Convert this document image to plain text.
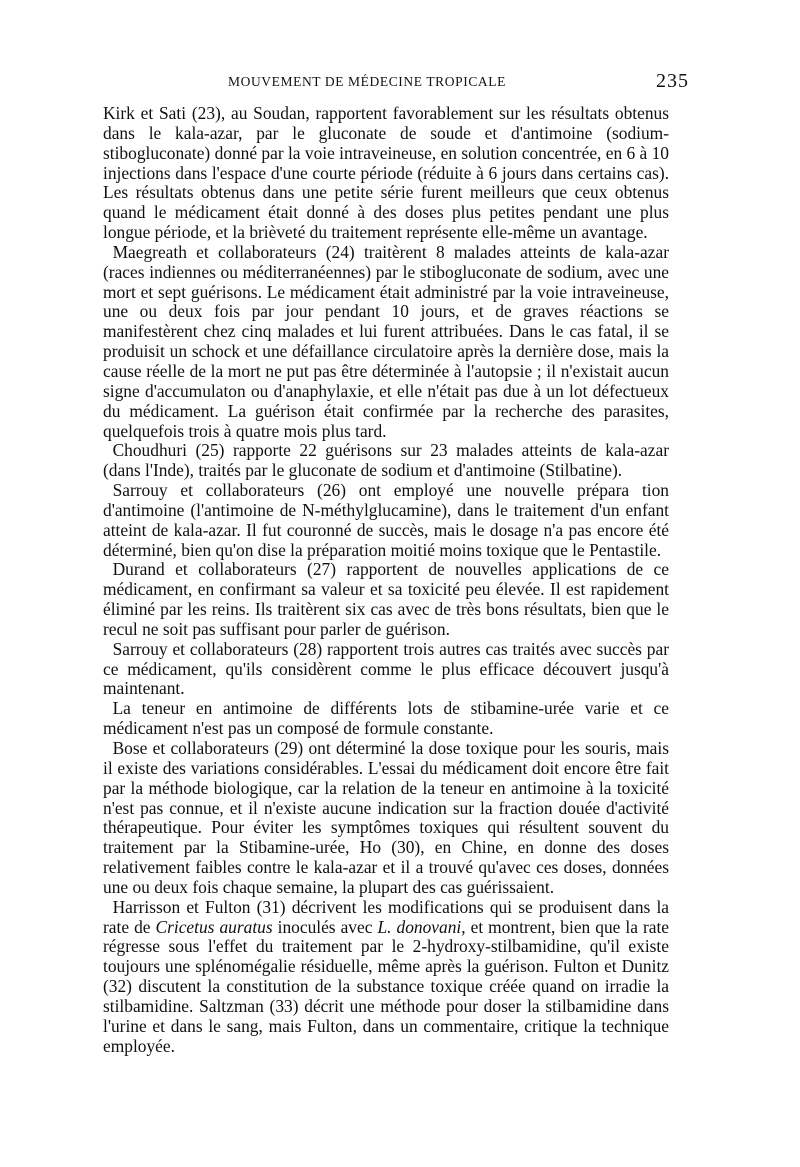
MOUVEMENT DE MÉDECINE TROPICALE	235

Kirk et Sati (23), au Soudan, rapportent favorablement sur les résultats obtenus dans le kala-azar, par le gluconate de soude et d'antimoine (sodium-stibogluconate) donné par la voie intraveineuse, en solution concentrée, en 6 à 10 injections dans l'espace d'une courte période (réduite à 6 jours dans certains cas). Les résultats obtenus dans une petite série furent meilleurs que ceux obtenus quand le médicament était donné à des doses plus petites pendant une plus longue période, et la brièveté du traitement représente elle-même un avantage.

Maegreath et collaborateurs (24) traitèrent 8 malades atteints de kala-azar (races indiennes ou méditerranéennes) par le stibogluconate de sodium, avec une mort et sept guérisons. Le médicament était administré par la voie intraveineuse, une ou deux fois par jour pendant 10 jours, et de graves réactions se manifestèrent chez cinq malades et lui furent attribuées. Dans le cas fatal, il se produisit un schock et une défaillance circulatoire après la dernière dose, mais la cause réelle de la mort ne put pas être déterminée à l'autopsie ; il n'existait aucun signe d'accumulaton ou d'anaphylaxie, et elle n'était pas due à un lot défectueux du médicament. La guérison était confirmée par la recherche des parasites, quelquefois trois à quatre mois plus tard.

Choudhuri (25) rapporte 22 guérisons sur 23 malades atteints de kala-azar (dans l'Inde), traités par le gluconate de sodium et d'antimoine (Stilbatine).

Sarrouy et collaborateurs (26) ont employé une nouvelle prépara tion d'antimoine (l'antimoine de N-méthylglucamine), dans le traitement d'un enfant atteint de kala-azar. Il fut couronné de succès, mais le dosage n'a pas encore été déterminé, bien qu'on dise la préparation moitié moins toxique que le Pentastile.

Durand et collaborateurs (27) rapportent de nouvelles applications de ce médicament, en confirmant sa valeur et sa toxicité peu élevée. Il est rapidement éliminé par les reins. Ils traitèrent six cas avec de très bons résultats, bien que le recul ne soit pas suffisant pour parler de guérison.

Sarrouy et collaborateurs (28) rapportent trois autres cas traités avec succès par ce médicament, qu'ils considèrent comme le plus efficace découvert jusqu'à maintenant.

La teneur en antimoine de différents lots de stibamine-urée varie et ce médicament n'est pas un composé de formule constante.

Bose et collaborateurs (29) ont déterminé la dose toxique pour les souris, mais il existe des variations considérables. L'essai du médicament doit encore être fait par la méthode biologique, car la relation de la teneur en antimoine à la toxicité n'est pas connue, et il n'existe aucune indication sur la fraction douée d'activité thérapeutique. Pour éviter les symptômes toxiques qui résultent souvent du traitement par la Stibamine-urée, Ho (30), en Chine, en donne des doses relativement faibles contre le kala-azar et il a trouvé qu'avec ces doses, données une ou deux fois chaque semaine, la plupart des cas guérissaient.

Harrisson et Fulton (31) décrivent les modifications qui se produisent dans la rate de Cricetus auratus inoculés avec L. donovani, et montrent, bien que la rate régresse sous l'effet du traitement par le 2-hydroxy-stilbamidine, qu'il existe toujours une splénomégalie résiduelle, même après la guérison. Fulton et Dunitz (32) discutent la constitution de la substance toxique créée quand on irradie la stilbamidine. Saltzman (33) décrit une méthode pour doser la stilbamidine dans l'urine et dans le sang, mais Fulton, dans un commentaire, critique la technique employée.
